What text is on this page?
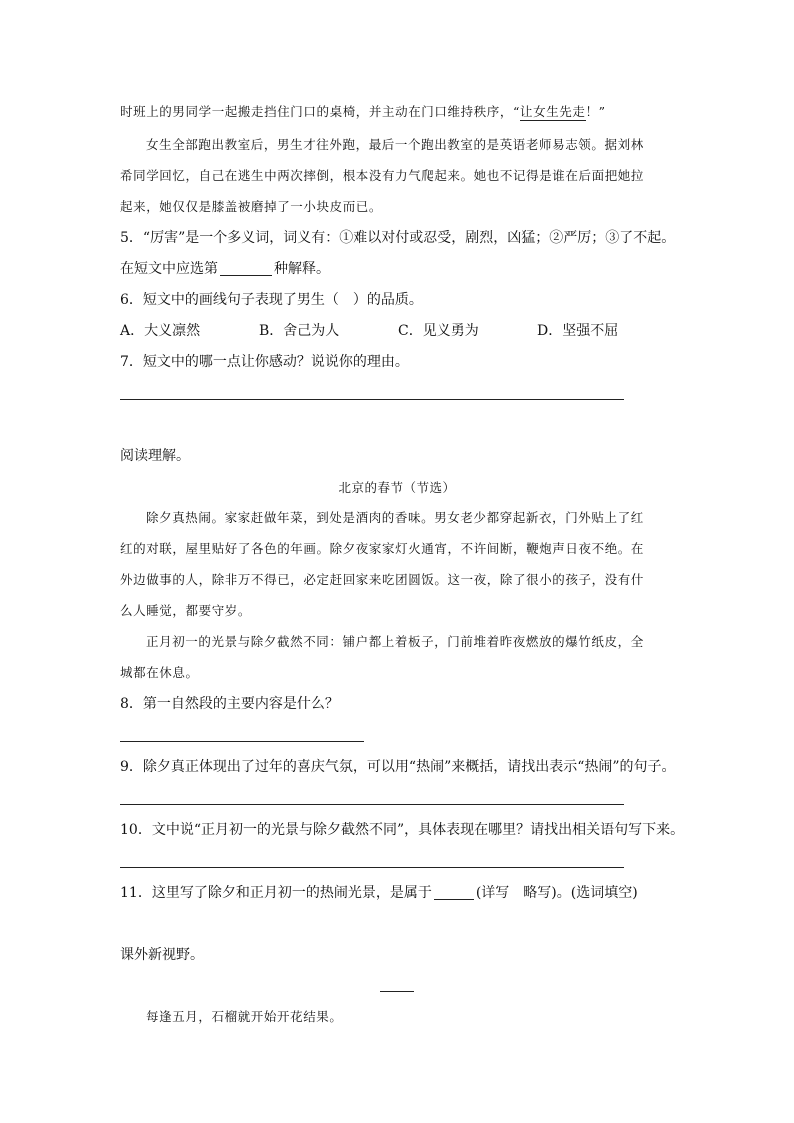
时班上的男同学一起搬走挡住门口的桌椅，并主动在门口维持秩序，“让女生先走！”
女生全部跑出教室后，男生才往外跑，最后一个跑出教室的是英语老师易志领。据刘林
希同学回忆，自己在逃生中两次摔倒，根本没有力气爬起来。她也不记得是谁在后面把她拉
起来，她仅仅是膝盖被磨掉了一小块皮而已。
5．“厉害”是一个多义词，词义有：①难以对付或忍受，剧烈，凶猛；②严厉；③了不起。
在短文中应选第	种解释。
6．短文中的画线句子表现了男生（　）的品质。
A．大义凛然	B．舍己为人	C．见义勇为	D．坚强不屈
7．短文中的哪一点让你感动？说说你的理由。
阅读理解。
北京的春节（节选）
除夕真热闹。家家赶做年菜，到处是酒肉的香味。男女老少都穿起新衣，门外贴上了红
红的对联，屋里贴好了各色的年画。除夕夜家家灯火通宵，不许间断，鞭炮声日夜不绝。在
外边做事的人，除非万不得已，必定赶回家来吃团圆饭。这一夜，除了很小的孩子，没有什
么人睡觉，都要守岁。
正月初一的光景与除夕截然不同：铺户都上着板子，门前堆着昨夜燃放的爆竹纸皮，全
城都在休息。
8．第一自然段的主要内容是什么？
9．除夕真正体现出了过年的喜庆气氛，可以用“热闹”来概括，请找出表示“热闹”的句子。
10．文中说“正月初一的光景与除夕截然不同”，具体表现在哪里？请找出相关语句写下来。
11．这里写了除夕和正月初一的热闹光景，是属于	(详写　略写)。(选词填空)
课外新视野。
每逢五月，石榴就开始开花结果。
